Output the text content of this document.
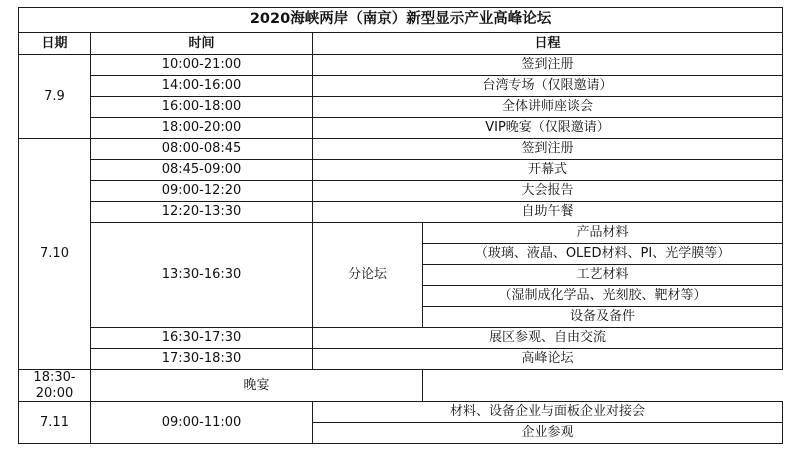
2020海峡两岸（南京）新型显示产业高峰论坛			
日期	时间	日程	
7.9	10:00-21:00	签到注册	
	14:00-16:00	台湾专场（仅限邀请）	
	16:00-18:00	全体讲师座谈会	
	18:00-20:00	VIP晚宴（仅限邀请）	
7.10	08:00-08:45	签到注册	
	08:45-09:00	开幕式	
	09:00-12:20	大会报告	
	12:20-13:30	自助午餐	
	13:30-16:30	分论坛	产品材料
			（玻璃、液晶、OLED材料、PI、光学膜等）
			工艺材料
			（湿制成化学品、光刻胶、靶材等）
			设备及备件

	16:30-17:30	展区参观、自由交流	
	17:30-18:30	高峰论坛	
18:30-20:00	晚宴		
7.11	09:00-11:00	材料、设备企业与面板企业对接会	
		企业参观	
